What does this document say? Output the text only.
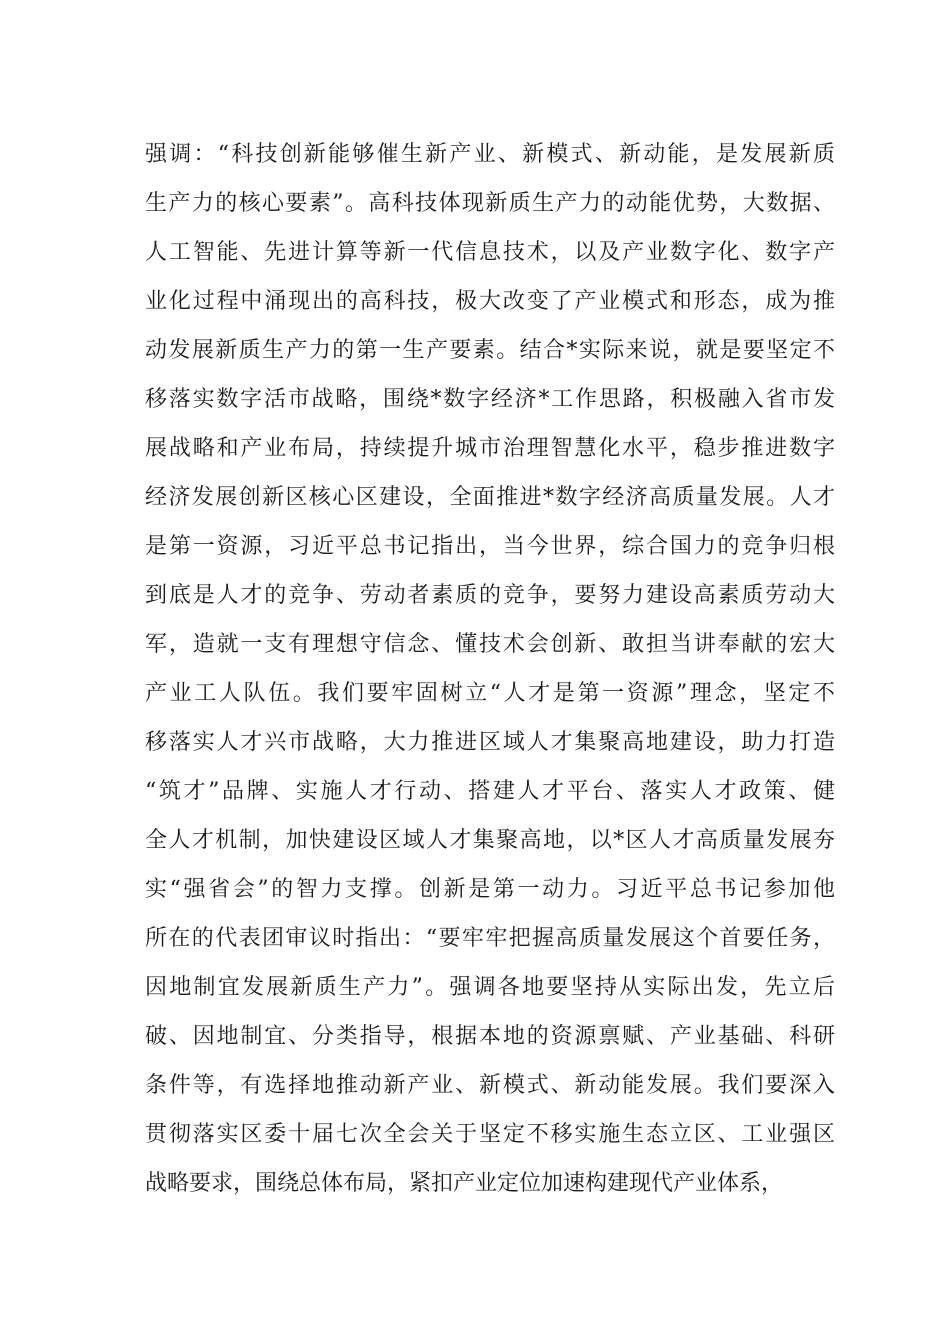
强调：“科技创新能够催生新产业、新模式、新动能，是发展新质
生产力的核心要素”。高科技体现新质生产力的动能优势，大数据、
人工智能、先进计算等新一代信息技术，以及产业数字化、数字产
业化过程中涌现出的高科技，极大改变了产业模式和形态，成为推
动发展新质生产力的第一生产要素。结合*实际来说，就是要坚定不
移落实数字活市战略，围绕*数字经济*工作思路，积极融入省市发
展战略和产业布局，持续提升城市治理智慧化水平，稳步推进数字
经济发展创新区核心区建设，全面推进*数字经济高质量发展。人才
是第一资源，习近平总书记指出，当今世界，综合国力的竞争归根
到底是人才的竞争、劳动者素质的竞争，要努力建设高素质劳动大
军，造就一支有理想守信念、懂技术会创新、敢担当讲奉献的宏大
产业工人队伍。我们要牢固树立“人才是第一资源”理念，坚定不
移落实人才兴市战略，大力推进区域人才集聚高地建设，助力打造
“筑才”品牌、实施人才行动、搭建人才平台、落实人才政策、健
全人才机制，加快建设区域人才集聚高地，以*区人才高质量发展夯
实“强省会”的智力支撑。创新是第一动力。习近平总书记参加他
所在的代表团审议时指出：“要牢牢把握高质量发展这个首要任务，
因地制宜发展新质生产力”。强调各地要坚持从实际出发，先立后
破、因地制宜、分类指导，根据本地的资源禀赋、产业基础、科研
条件等，有选择地推动新产业、新模式、新动能发展。我们要深入
贯彻落实区委十届七次全会关于坚定不移实施生态立区、工业强区
战略要求，围绕总体布局，紧扣产业定位加速构建现代产业体系，
